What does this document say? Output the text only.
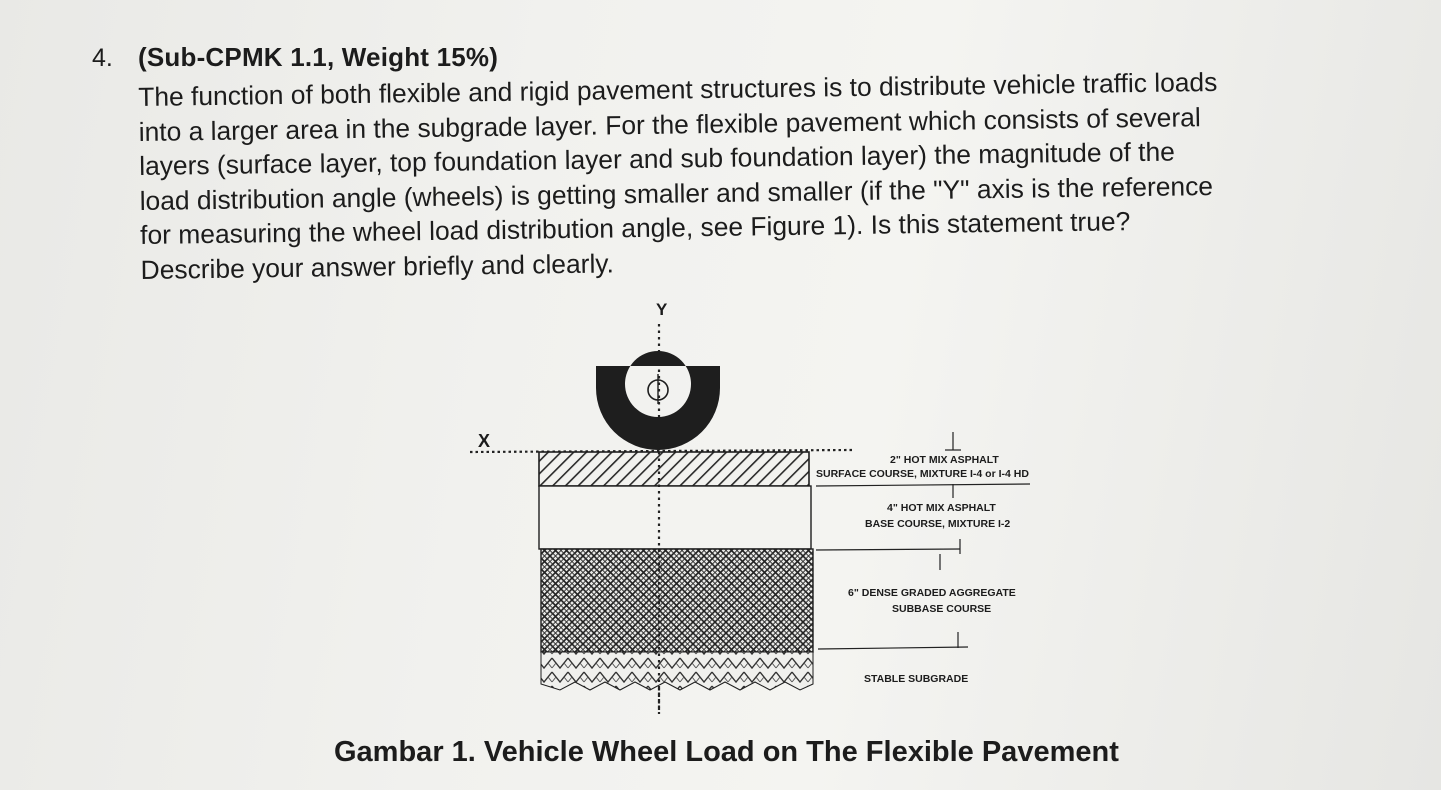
4. (Sub-CPMK 1.1, Weight 15%)
The function of both flexible and rigid pavement structures is to distribute vehicle traffic loads
into a larger area in the subgrade layer. For the flexible pavement which consists of several
layers (surface layer, top foundation layer and sub foundation layer) the magnitude of the
load distribution angle (wheels) is getting smaller and smaller (if the "Y" axis is the reference
for measuring the wheel load distribution angle, see Figure 1). Is this statement true?
Describe your answer briefly and clearly.
Y
X
2" HOT MIX ASPHALT
SURFACE COURSE, MIXTURE I-4 or I-4 HD
4" HOT MIX ASPHALT
BASE COURSE, MIXTURE I-2
6" DENSE GRADED AGGREGATE
SUBBASE COURSE
STABLE SUBGRADE
Gambar 1. Vehicle Wheel Load on The Flexible Pavement
